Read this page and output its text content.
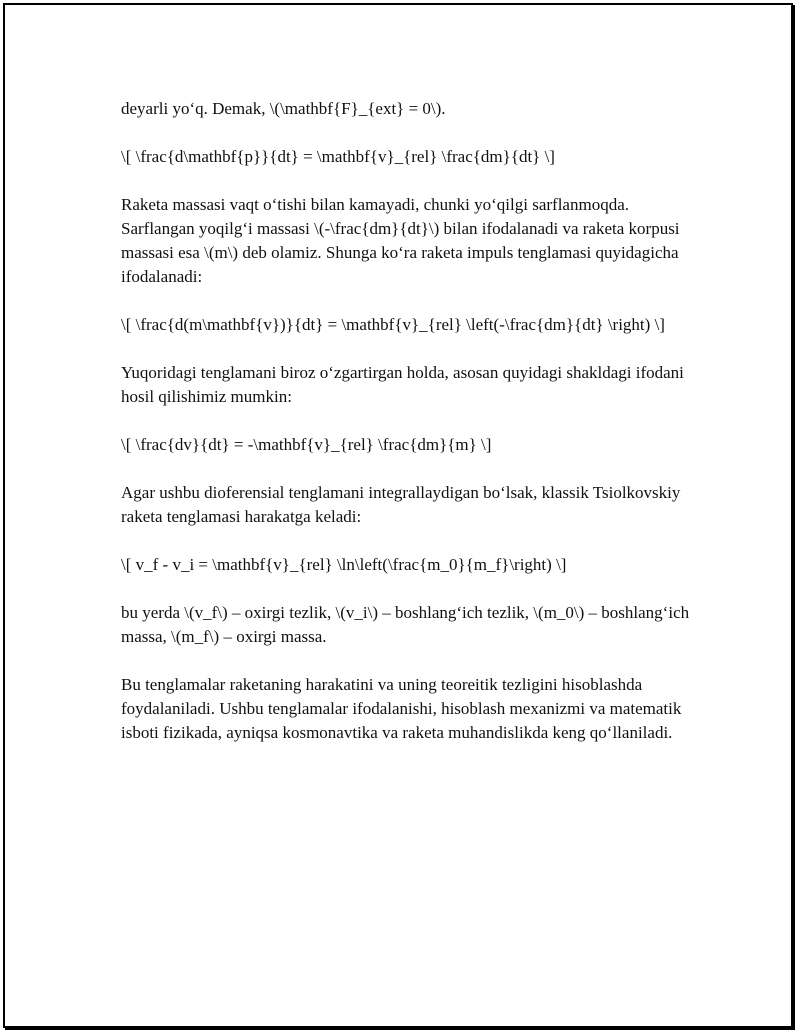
deyarli yo‘q. Demak, \(\mathbf{F}_{ext} = 0\).

\[ \frac{d\mathbf{p}}{dt} = \mathbf{v}_{rel} \frac{dm}{dt} \]

Raketa massasi vaqt o‘tishi bilan kamayadi, chunki yo‘qilgi sarflanmoqda. Sarflangan yoqilg‘i massasi \(-\frac{dm}{dt}\) bilan ifodalanadi va raketa korpusi massasi esa \(m\) deb olamiz. Shunga ko‘ra raketa impuls tenglamasi quyidagicha ifodalanadi:

\[ \frac{d(m\mathbf{v})}{dt} = \mathbf{v}_{rel} \left(-\frac{dm}{dt} \right) \]

Yuqoridagi tenglamani biroz o‘zgartirgan holda, asosan quyidagi shakldagi ifodani hosil qilishimiz mumkin:

\[ \frac{dv}{dt} = -\mathbf{v}_{rel} \frac{dm}{m} \]

Agar ushbu dioferensial tenglamani integrallaydigan bo‘lsak, klassik Tsiolkovskiy raketa tenglamasi harakatga keladi:

\[ v_f - v_i = \mathbf{v}_{rel} \ln\left(\frac{m_0}{m_f}\right) \]

bu yerda \(v_f\) – oxirgi tezlik, \(v_i\) – boshlang‘ich tezlik, \(m_0\) – boshlang‘ich massa, \(m_f\) – oxirgi massa.

Bu tenglamalar raketaning harakatini va uning teoreitik tezligini hisoblashda foydalaniladi. Ushbu tenglamalar ifodalanishi, hisoblash mexanizmi va matematik isboti fizikada, ayniqsa kosmonavtika va raketa muhandislikda keng qo‘llaniladi.
